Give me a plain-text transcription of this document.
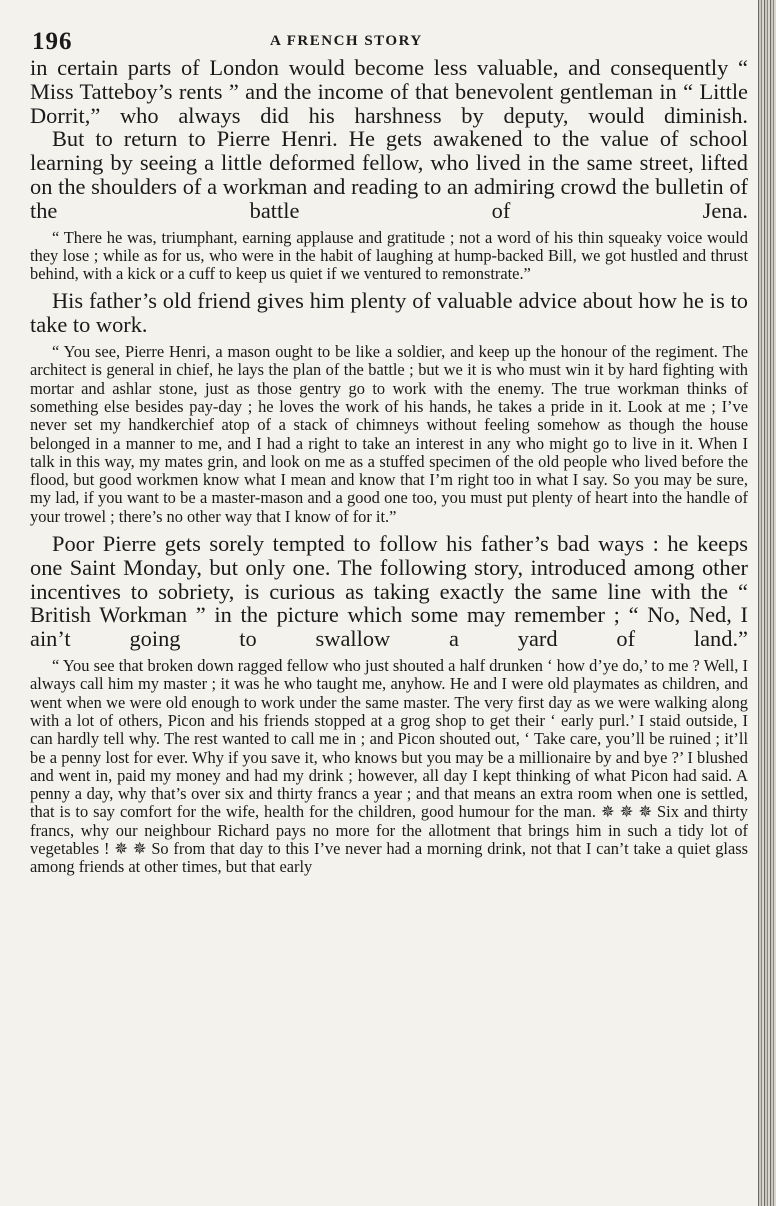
196	A FRENCH STORY

in certain parts of London would become less valuable, and consequently “ Miss Tatteboy’s rents ” and the income of that benevolent gentleman in “ Little Dorrit,” who always did his harshness by deputy, would diminish.

But to return to Pierre Henri. He gets awakened to the value of school learning by seeing a little deformed fellow, who lived in the same street, lifted on the shoulders of a workman and reading to an admiring crowd the bulletin of the battle of Jena.

“ There he was, triumphant, earning applause and gratitude ; not a word of his thin squeaky voice would they lose ; while as for us, who were in the habit of laughing at hump-backed Bill, we got hustled and thrust behind, with a kick or a cuff to keep us quiet if we ventured to remonstrate.”

His father’s old friend gives him plenty of valuable advice about how he is to take to work.

“ You see, Pierre Henri, a mason ought to be like a soldier, and keep up the honour of the regiment. The architect is general in chief, he lays the plan of the battle ; but we it is who must win it by hard fighting with mortar and ashlar stone, just as those gentry go to work with the enemy. The true workman thinks of something else besides pay-day ; he loves the work of his hands, he takes a pride in it. Look at me ; I’ve never set my handkerchief atop of a stack of chimneys without feeling somehow as though the house belonged in a manner to me, and I had a right to take an interest in any who might go to live in it. When I talk in this way, my mates grin, and look on me as a stuffed specimen of the old people who lived before the flood, but good workmen know what I mean and know that I’m right too in what I say. So you may be sure, my lad, if you want to be a master-mason and a good one too, you must put plenty of heart into the handle of your trowel ; there’s no other way that I know of for it.”

Poor Pierre gets sorely tempted to follow his father’s bad ways : he keeps one Saint Monday, but only one. The following story, introduced among other incentives to sobriety, is curious as taking exactly the same line with the “ British Workman ” in the picture which some may remember ; “ No, Ned, I ain’t going to swallow a yard of land.”

“ You see that broken down ragged fellow who just shouted a half drunken ‘ how d’ye do,’ to me ? Well, I always call him my master ; it was he who taught me, anyhow. He and I were old playmates as children, and went when we were old enough to work under the same master. The very first day as we were walking along with a lot of others, Picon and his friends stopped at a grog shop to get their ‘ early purl.’ I staid outside, I can hardly tell why. The rest wanted to call me in ; and Picon shouted out, ‘ Take care, you’ll be ruined ; it’ll be a penny lost for ever. Why if you save it, who knows but you may be a millionaire by and bye ?’ I blushed and went in, paid my money and had my drink ; however, all day I kept thinking of what Picon had said. A penny a day, why that’s over six and thirty francs a year ; and that means an extra room when one is settled, that is to say comfort for the wife, health for the children, good humour for the man. ✵ ✵ ✵ Six and thirty francs, why our neighbour Richard pays no more for the allotment that brings him in such a tidy lot of vegetables ! ✵ ✵ So from that day to this I’ve never had a morning drink, not that I can’t take a quiet glass among friends at other times, but that early
